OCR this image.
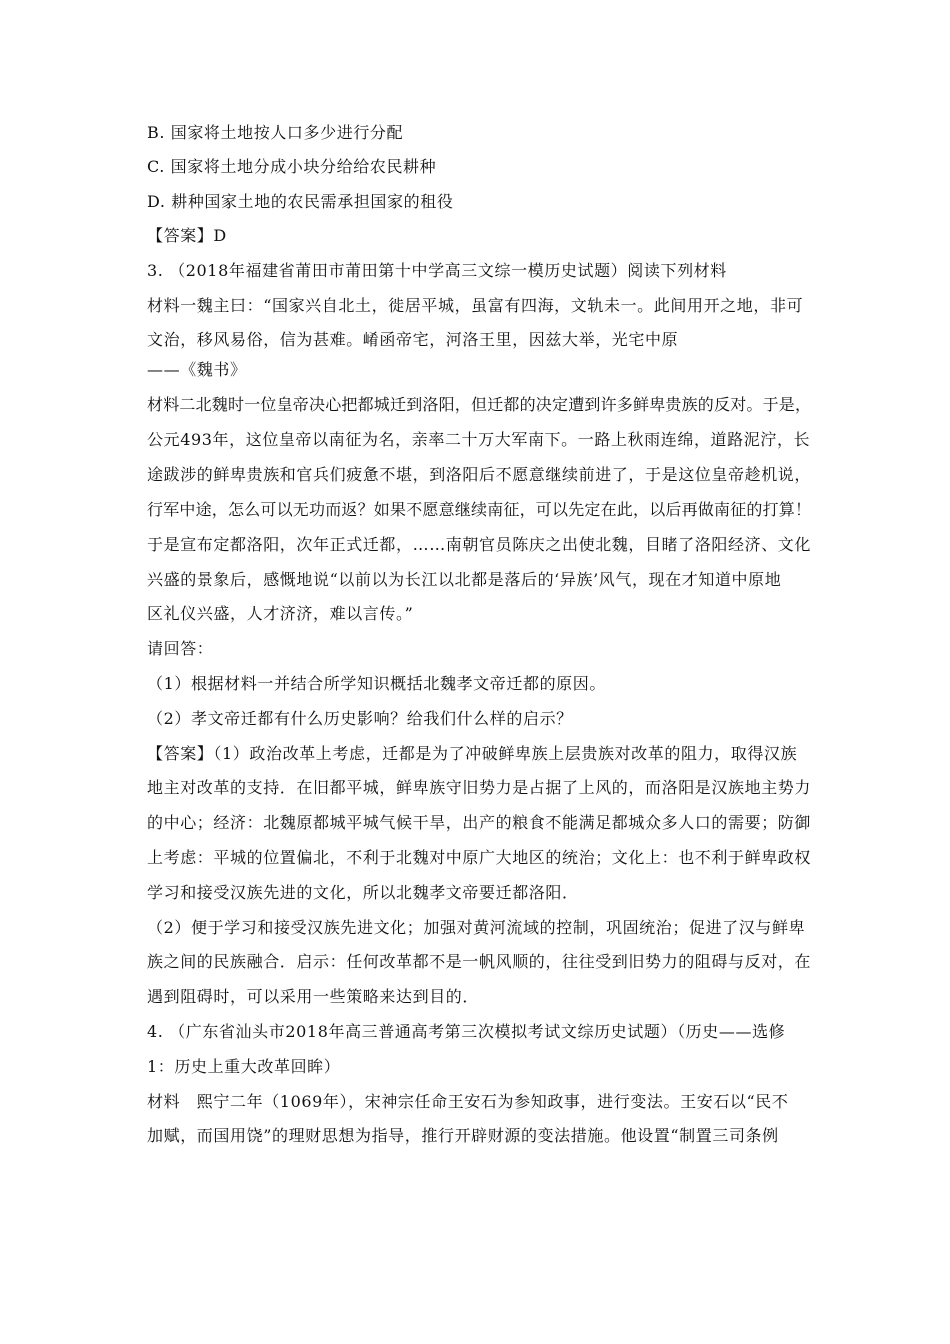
B. 国家将土地按人口多少进行分配
C. 国家将土地分成小块分给给农民耕种
D. 耕种国家土地的农民需承担国家的租役
【答案】D
3. （2018年福建省莆田市莆田第十中学高三文综一模历史试题）阅读下列材料
材料一魏主曰：“国家兴自北土，徙居平城，虽富有四海，文轨未一。此间用开之地，非可
文治，移风易俗，信为甚难。崤函帝宅，河洛王里，因兹大举，光宅中原
——《魏书》
材料二北魏时一位皇帝决心把都城迁到洛阳，但迁都的决定遭到许多鲜卑贵族的反对。于是，
公元493年，这位皇帝以南征为名，亲率二十万大军南下。一路上秋雨连绵，道路泥泞，长
途跋涉的鲜卑贵族和官兵们疲惫不堪，到洛阳后不愿意继续前进了，于是这位皇帝趁机说，
行军中途，怎么可以无功而返？如果不愿意继续南征，可以先定在此，以后再做南征的打算！
于是宣布定都洛阳，次年正式迁都，……南朝官员陈庆之出使北魏，目睹了洛阳经济、文化
兴盛的景象后，感慨地说“以前以为长江以北都是落后的‘异族’风气，现在才知道中原地
区礼仪兴盛，人才济济，难以言传。”
请回答：
（1）根据材料一并结合所学知识概括北魏孝文帝迁都的原因。
（2）孝文帝迁都有什么历史影响？给我们什么样的启示？
【答案】（1）政治改革上考虑，迁都是为了冲破鲜卑族上层贵族对改革的阻力，取得汉族
地主对改革的支持．在旧都平城，鲜卑族守旧势力是占据了上风的，而洛阳是汉族地主势力
的中心；经济：北魏原都城平城气候干旱，出产的粮食不能满足都城众多人口的需要；防御
上考虑：平城的位置偏北，不利于北魏对中原广大地区的统治；文化上：也不利于鲜卑政权
学习和接受汉族先进的文化，所以北魏孝文帝要迁都洛阳．
（2）便于学习和接受汉族先进文化；加强对黄河流域的控制，巩固统治；促进了汉与鲜卑
族之间的民族融合．启示：任何改革都不是一帆风顺的，往往受到旧势力的阻碍与反对，在
遇到阻碍时，可以采用一些策略来达到目的．
4. （广东省汕头市2018年高三普通高考第三次模拟考试文综历史试题）（历史——选修
1：历史上重大改革回眸）
材料　熙宁二年（1069年），宋神宗任命王安石为参知政事，进行变法。王安石以“民不
加赋，而国用饶”的理财思想为指导，推行开辟财源的变法措施。他设置“制置三司条例
